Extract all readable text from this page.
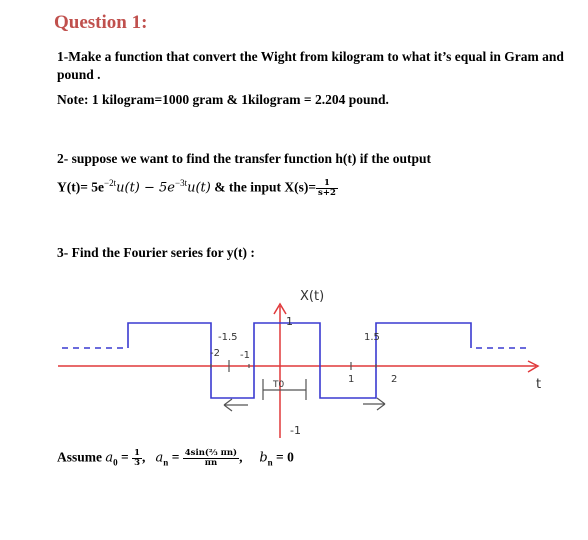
Question 1:
1-Make a function that convert the Wight from kilogram to what it’s equal in Gram and pound .
Note: 1 kilogram=1000 gram & 1kilogram = 2.204 pound.
2- suppose we want to find the transfer function h(t) if the output
$Y(t)= 5e^{-2t}u(t) - 5e^{-3t}u(t)$ & the input $X(s)= \frac{1}{s+2}$
3- Find the Fourier series for y(t) :
-2
-1.5
-1
1
1.5
2
X(t)
1
-1
t
T0
Assume $a_0 = \frac{1}{3}$ , $a_n = \frac{\text{4sin(⅔ πn)}}{\pi n}$ , $b_n = 0$
